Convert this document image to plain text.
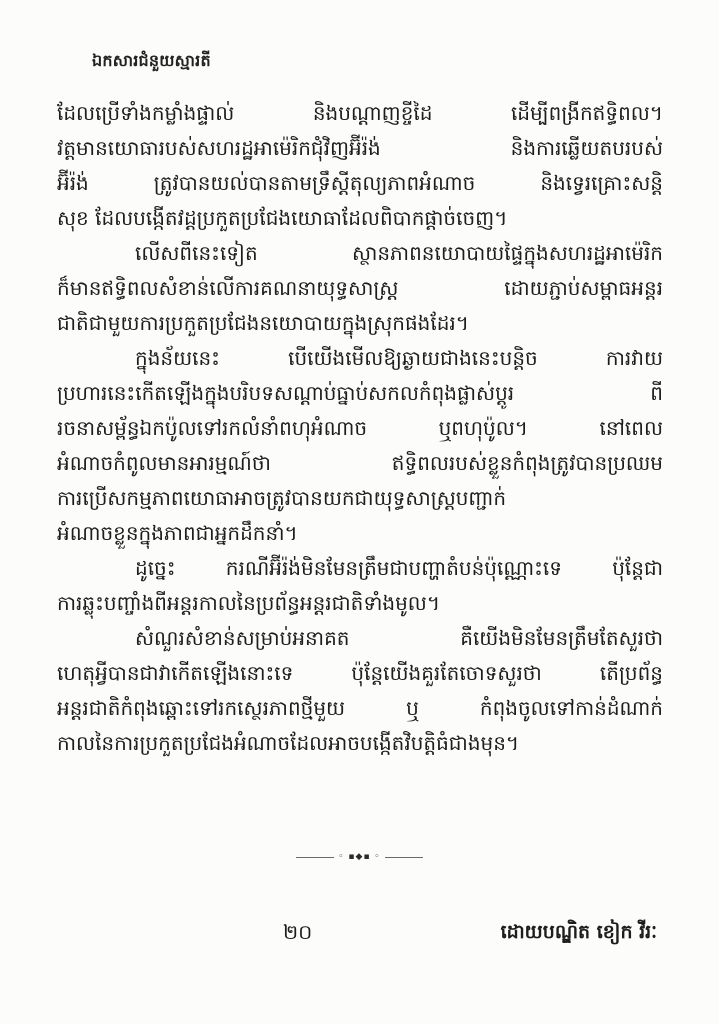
ឯកសារជំនួយស្មារតី
ដែលប្រើទាំងកម្លាំងផ្ទាល់ និងបណ្តាញខ្ចីដៃ ដើម្បីពង្រីកឥទ្ធិពល។
វត្តមានយោធារបស់សហរដ្ឋអាម៉េរិកជុំវិញអ៊ីរ៉ង់ និងការឆ្លើយតបរបស់
អ៊ីរ៉ង់ ត្រូវបានយល់បានតាមទ្រឹស្តីតុល្យភាពអំណាច និងទ្វេរគ្រោះសន្តិ
សុខ ដែលបង្កើតវដ្តប្រកួតប្រជែងយោធាដែលពិបាកផ្តាច់ចេញ។
លើសពីនេះទៀត ស្ថានភាពនយោបាយផ្ទៃក្នុងសហរដ្ឋអាម៉េរិក
ក៏មានឥទ្ធិពលសំខាន់លើការគណនាយុទ្ធសាស្ត្រ ដោយភ្ជាប់សម្ពាធអន្តរ
ជាតិជាមួយការប្រកួតប្រជែងនយោបាយក្នុងស្រុកផងដែរ។
ក្នុងន័យនេះ បើយើងមើលឱ្យឆ្ងាយជាងនេះបន្តិច ការវាយ
ប្រហារនេះកើតឡើងក្នុងបរិបទសណ្តាប់ធ្នាប់សកលកំពុងផ្លាស់ប្តូរ ពី
រចនាសម្ព័ន្ធឯកប៉ូលទៅរកលំនាំពហុអំណាច ឬពហុប៉ូល។ នៅពេល
អំណាចកំពូលមានអារម្មណ៍ថា ឥទ្ធិពលរបស់ខ្លួនកំពុងត្រូវបានប្រឈម
ការប្រើសកម្មភាពយោធាអាចត្រូវបានយកជាយុទ្ធសាស្ត្របញ្ជាក់
អំណាចខ្លួនក្នុងភាពជាអ្នកដឹកនាំ។
ដូច្នេះ ករណីអ៊ីរ៉ង់មិនមែនត្រឹមជាបញ្ហាតំបន់ប៉ុណ្ណោះទេ ប៉ុន្តែជា
ការឆ្លុះបញ្ចាំងពីអន្តរកាលនៃប្រព័ន្ធអន្តរជាតិទាំងមូល។
សំណួរសំខាន់សម្រាប់អនាគត គឺយើងមិនមែនត្រឹមតែសួរថា
ហេតុអ្វីបានជាវាកើតឡើងនោះទេ ប៉ុន្តែយើងគួរតែចោទសួរថា តើប្រព័ន្ធ
អន្តរជាតិកំពុងឆ្ពោះទៅរកស្ថេរភាពថ្មីមួយ ឬ កំពុងចូលទៅកាន់ដំណាក់
កាលនៃការប្រកួតប្រជែងអំណាចដែលអាចបង្កើតវិបត្តិធំជាងមុន។
◦ ▪◆▪ ◦
២០	ដោយបណ្ឌិត ខៀក វីរៈ
